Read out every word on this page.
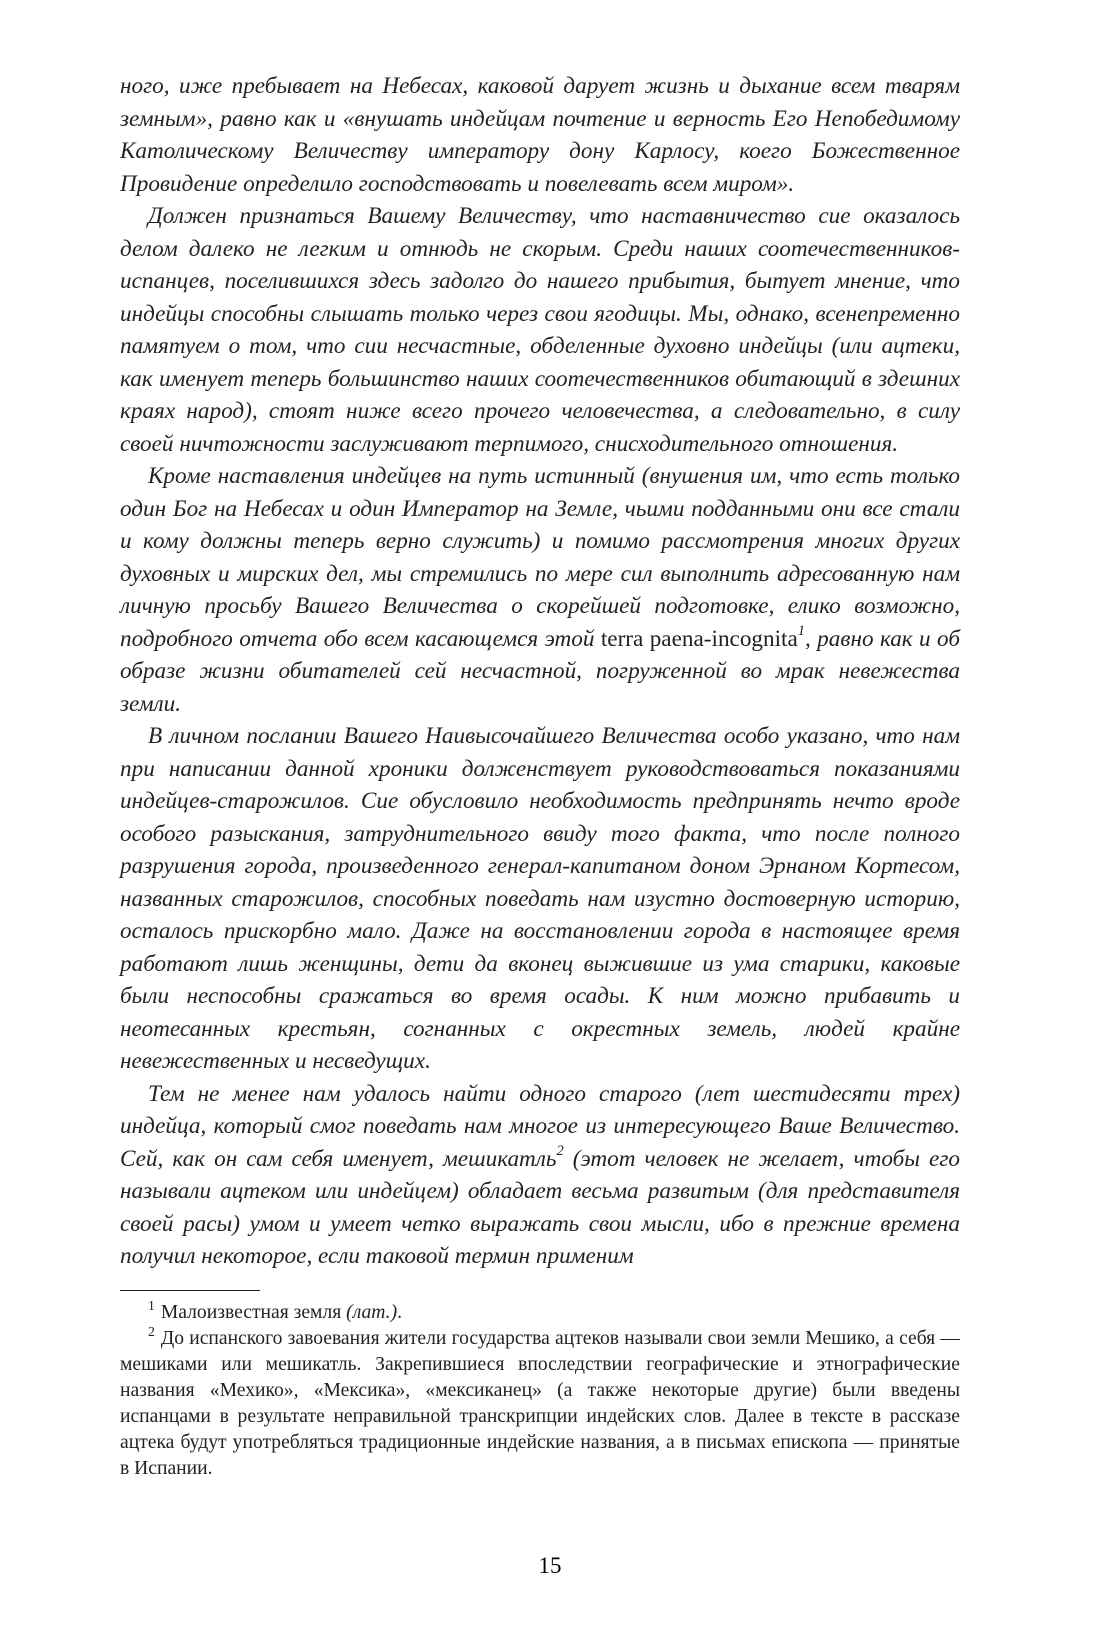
ного, иже пребывает на Небесах, каковой дарует жизнь и дыхание всем тварям земным», равно как и «внушать индейцам почтение и верность Его Непобедимому Католическому Величеству императору дону Карлосу, коего Божественное Провидение определило господствовать и повелевать всем миром».

Должен признаться Вашему Величеству, что наставничество сие оказалось делом далеко не легким и отнюдь не скорым. Среди наших соотечественников-испанцев, поселившихся здесь задолго до нашего прибытия, бытует мнение, что индейцы способны слышать только через свои ягодицы. Мы, однако, всенепременно памятуем о том, что сии несчастные, обделенные духовно индейцы (или ацтеки, как именует теперь большинство наших соотечественников обитающий в здешних краях народ), стоят ниже всего прочего человечества, а следовательно, в силу своей ничтожности заслуживают терпимого, снисходительного отношения.

Кроме наставления индейцев на путь истинный (внушения им, что есть только один Бог на Небесах и один Император на Земле, чьими подданными они все стали и кому должны теперь верно служить) и помимо рассмотрения многих других духовных и мирских дел, мы стремились по мере сил выполнить адресованную нам личную просьбу Вашего Величества о скорейшей подготовке, елико возможно, подробного отчета обо всем касающемся этой terra paena-incognita$^1$, равно как и об образе жизни обитателей сей несчастной, погруженной во мрак невежества земли.

В личном послании Вашего Наивысочайшего Величества особо указано, что нам при написании данной хроники долженствует руководствоваться показаниями индейцев-старожилов. Сие обусловило необходимость предпринять нечто вроде особого разыскания, затруднительного ввиду того факта, что после полного разрушения города, произведенного генерал-капитаном доном Эрнаном Кортесом, названных старожилов, способных поведать нам изустно достоверную историю, осталось прискорбно мало. Даже на восстановлении города в настоящее время работают лишь женщины, дети да вконец выжившие из ума старики, каковые были неспособны сражаться во время осады. К ним можно прибавить и неотесанных крестьян, согнанных с окрестных земель, людей крайне невежественных и несведущих.

Тем не менее нам удалось найти одного старого (лет шестидесяти трех) индейца, который смог поведать нам многое из интересующего Ваше Величество. Сей, как он сам себя именует, мешикатль$^2$ (этот человек не желает, чтобы его называли ацтеком или индейцем) обладает весьма развитым (для представителя своей расы) умом и умеет четко выражать свои мысли, ибо в прежние времена получил некоторое, если таковой термин применим

$^1$ Малоизвестная земля (лат.).

$^2$ До испанского завоевания жители государства ацтеков называли свои земли Мешико, а себя — мешиками или мешикатль. Закрепившиеся впоследствии географические и этнографические названия «Мехико», «Мексика», «мексиканец» (а также некоторые другие) были введены испанцами в результате неправильной транскрипции индейских слов. Далее в тексте в рассказе ацтека будут употребляться традиционные индейские названия, а в письмах епископа — принятые в Испании.

15
